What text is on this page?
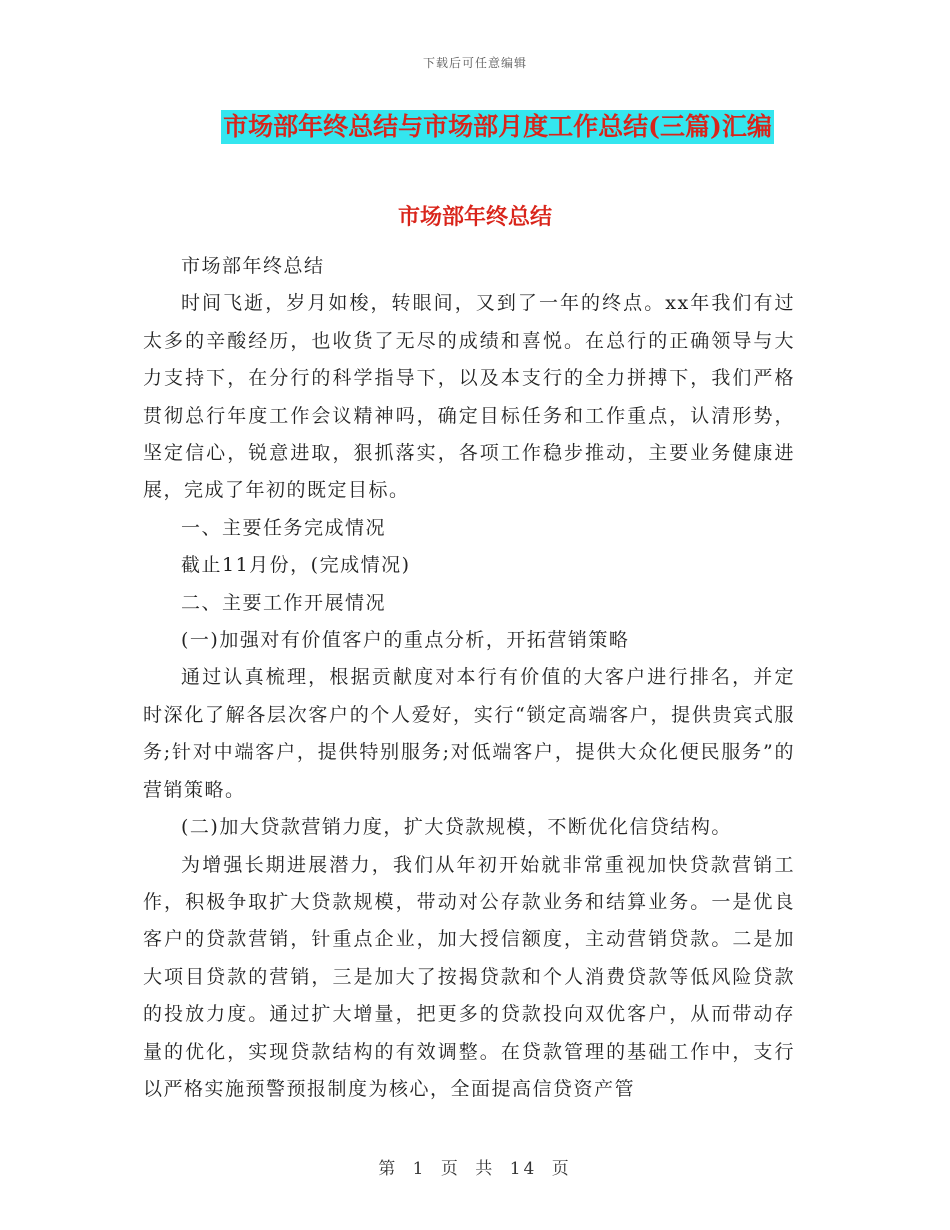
下载后可任意编辑
市场部年终总结与市场部月度工作总结(三篇)汇编
市场部年终总结

市场部年终总结

时间飞逝，岁月如梭，转眼间，又到了一年的终点。xx年我们有过太多的辛酸经历，也收货了无尽的成绩和喜悦。在总行的正确领导与大力支持下，在分行的科学指导下，以及本支行的全力拼搏下，我们严格贯彻总行年度工作会议精神吗，确定目标任务和工作重点，认清形势，坚定信心，锐意进取，狠抓落实，各项工作稳步推动，主要业务健康进展，完成了年初的既定目标。

一、主要任务完成情况

截止11月份，(完成情况)

二、主要工作开展情况

(一)加强对有价值客户的重点分析，开拓营销策略

通过认真梳理，根据贡献度对本行有价值的大客户进行排名，并定时深化了解各层次客户的个人爱好，实行“锁定高端客户，提供贵宾式服务;针对中端客户，提供特别服务;对低端客户，提供大众化便民服务”的营销策略。

(二)加大贷款营销力度，扩大贷款规模，不断优化信贷结构。

为增强长期进展潜力，我们从年初开始就非常重视加快贷款营销工作，积极争取扩大贷款规模，带动对公存款业务和结算业务。一是优良客户的贷款营销，针重点企业，加大授信额度，主动营销贷款。二是加大项目贷款的营销，三是加大了按揭贷款和个人消费贷款等低风险贷款的投放力度。通过扩大增量，把更多的贷款投向双优客户，从而带动存量的优化，实现贷款结构的有效调整。在贷款管理的基础工作中，支行以严格实施预警预报制度为核心，全面提高信贷资产管

第 1 页 共 14 页
